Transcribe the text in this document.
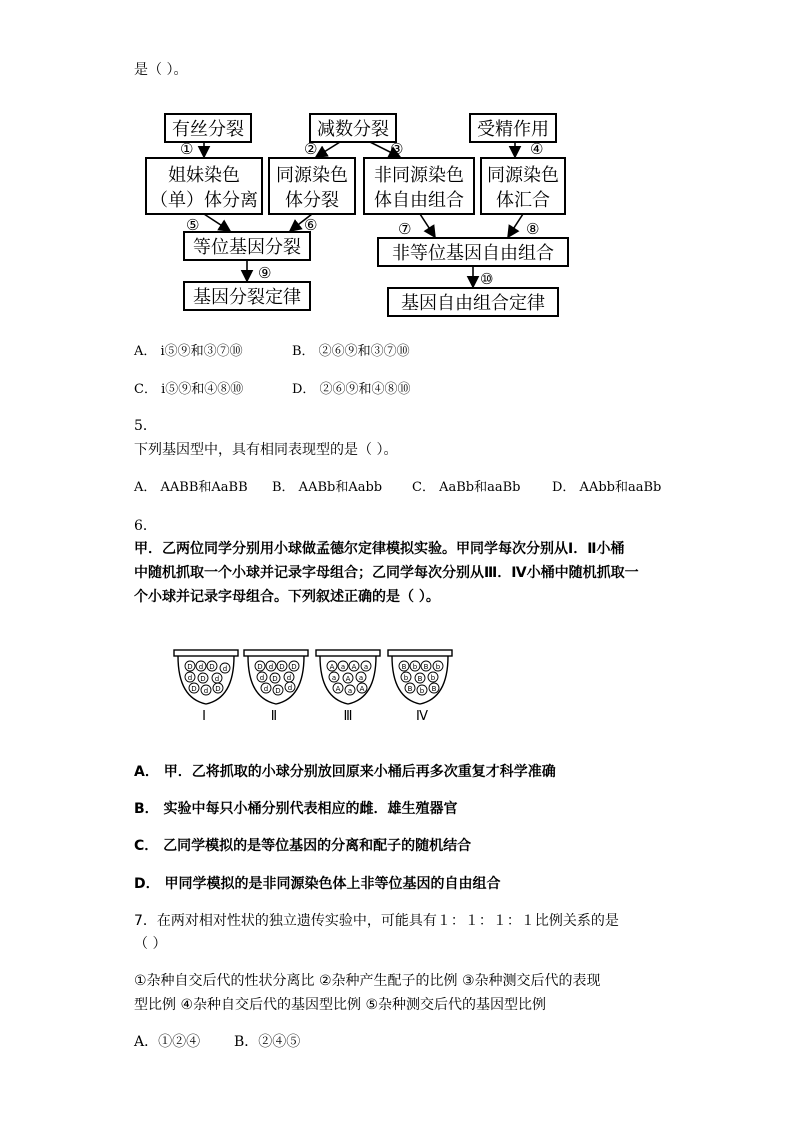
是（ ）。
有丝分裂	减数分裂	受精作用
姐妹染色
（单）体分离
同源染色
体分裂
非同源染色
体自由组合
同源染色
体汇合
等位基因分裂	非等位基因自由组合
基因分裂定律	基因自由组合定律
①	②	③	④
⑤	⑥	⑦	⑧
⑨	⑩
A． ⅰ⑤⑨和③⑦⑩	B． ②⑥⑨和③⑦⑩
C． ⅰ⑤⑨和④⑧⑩	D． ②⑥⑨和④⑧⑩
5．
下列基因型中，具有相同表现型的是（ ）。
A． AABB和AaBB B． AABb和Aabb C． AaBb和aaBb D． AAbb和aaBb
6．
甲．乙两位同学分别用小球做孟德尔定律模拟实验。甲同学每次分别从Ⅰ．Ⅱ小桶
中随机抓取一个小球并记录字母组合；乙同学每次分别从Ⅲ．Ⅳ小桶中随机抓取一
个小球并记录字母组合。下列叙述正确的是（ ）。
D d D d
d D d
D d D
D d D D
d D d
d D d
A a A a
a A a
A a A
B b B b
b B b
B b B
Ⅰ	Ⅱ	Ⅲ	Ⅳ
A． 甲．乙将抓取的小球分别放回原来小桶后再多次重复才科学准确
B． 实验中每只小桶分别代表相应的雌．雄生殖器官
C． 乙同学模拟的是等位基因的分离和配子的随机结合
D． 甲同学模拟的是非同源染色体上非等位基因的自由组合
7．在两对相对性状的独立遗传实验中，可能具有１：１：１：１比例关系的是
（ ）
①杂种自交后代的性状分离比 ②杂种产生配子的比例 ③杂种测交后代的表现
型比例 ④杂种自交后代的基因型比例 ⑤杂种测交后代的基因型比例
A．①②④ B．②④⑤
